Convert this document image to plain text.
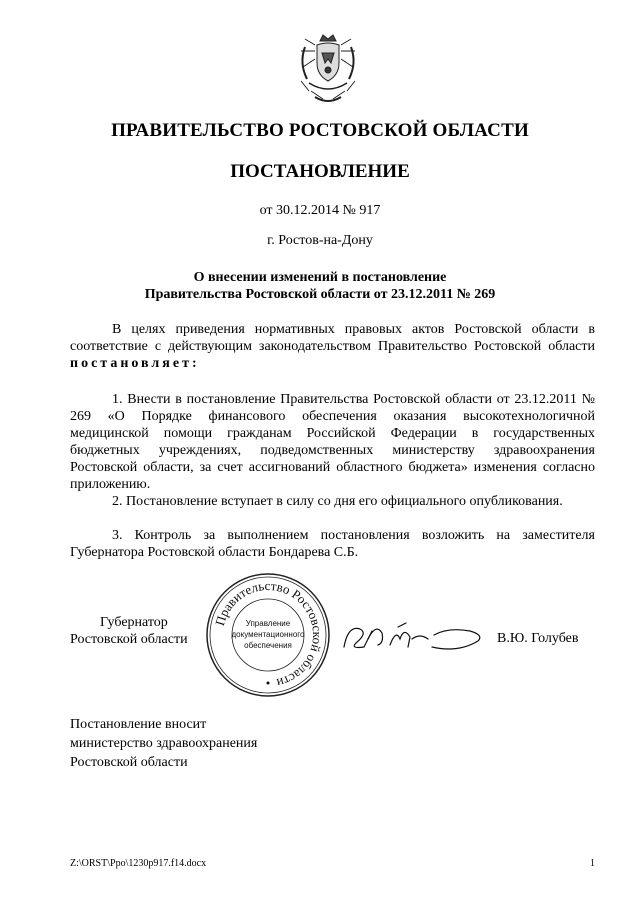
ПРАВИТЕЛЬСТВО РОСТОВСКОЙ ОБЛАСТИ
ПОСТАНОВЛЕНИЕ
от 30.12.2014 № 917
г. Ростов-на-Дону
О внесении изменений в постановление
Правительства Ростовской области от 23.12.2011 № 269
В целях приведения нормативных правовых актов Ростовской области в соответствие с действующим законодательством Правительство Ростовской области постановляет:
1. Внести в постановление Правительства Ростовской области от 23.12.2011 № 269 «О Порядке финансового обеспечения оказания высокотехнологичной медицинской помощи гражданам Российской Федерации в государственных бюджетных учреждениях, подведомственных министерству здравоохранения Ростовской области, за счет ассигнований областного бюджета» изменения согласно приложению.
2. Постановление вступает в силу со дня его официального опубликования.
3. Контроль за выполнением постановления возложить на заместителя Губернатора Ростовской области Бондарева С.Б.
Губернатор
Ростовской области
Правительство Ростовской области
Управление
документационного
обеспечения	В.Ю. Голубев
Постановление вносит
министерство здравоохранения
Ростовской области
Z:\ORST\Ppo\1230p917.f14.docx	1
